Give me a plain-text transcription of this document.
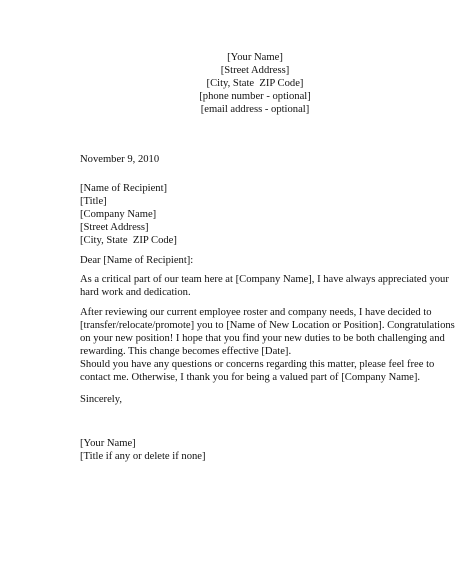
[Your Name]

[Street Address]

[City, State  ZIP Code]

[phone number - optional]

[email address - optional]

November 9, 2010

[Name of Recipient]

[Title]

[Company Name]

[Street Address]

[City, State  ZIP Code]

Dear [Name of Recipient]:

As a critical part of our team here at [Company Name], I have always appreciated your

hard work and dedication.

After reviewing our current employee roster and company needs, I have decided to

[transfer/relocate/promote] you to [Name of New Location or Position]. Congratulations

on your new position! I hope that you find your new duties to be both challenging and

rewarding. This change becomes effective [Date].

Should you have any questions or concerns regarding this matter, please feel free to

contact me. Otherwise, I thank you for being a valued part of [Company Name].

Sincerely,

[Your Name]

[Title if any or delete if none]
